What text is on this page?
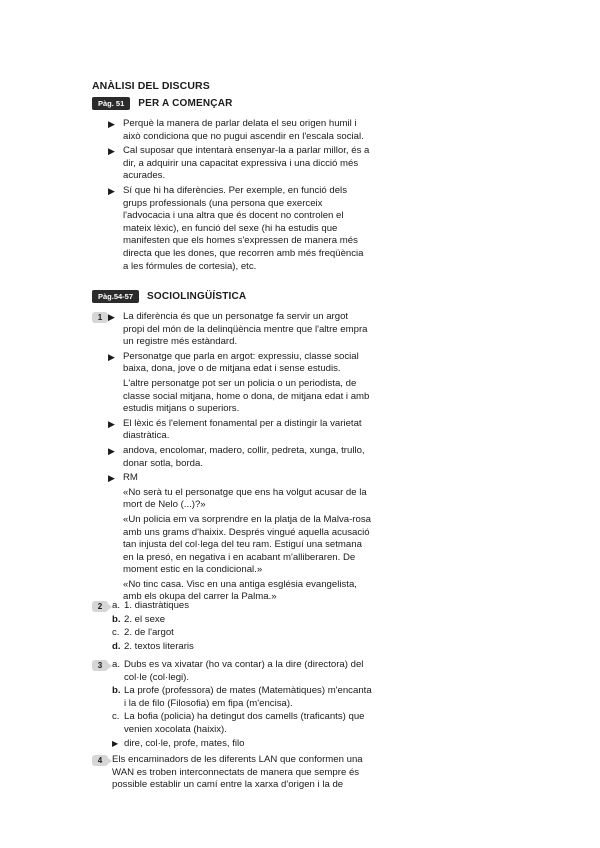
ANÀLISI DEL DISCURS
Pàg. 51	PER A COMENÇAR
▶ Perquè la manera de parlar delata el seu origen humil i això condiciona que no pugui ascendir en l'escala social.
▶ Cal suposar que intentarà ensenyar-la a parlar millor, és a dir, a adquirir una capacitat expressiva i una dicció més acurades.
▶ Sí que hi ha diferències. Per exemple, en funció dels grups professionals (una persona que exerceix l'advocacia i una altra que és docent no controlen el mateix lèxic), en funció del sexe (hi ha estudis que manifesten que els homes s'expressen de manera més directa que les dones, que recorren amb més freqüència a les fórmules de cortesia), etc.
Pàg.54-57	SOCIOLINGÜÍSTICA
1 ▶ La diferència és que un personatge fa servir un argot propi del món de la delinqüència mentre que l'altre empra un registre més estàndard.
▶ Personatge que parla en argot: expressiu, classe social baixa, dona, jove o de mitjana edat i sense estudis.
L'altre personatge pot ser un policia o un periodista, de classe social mitjana, home o dona, de mitjana edat i amb estudis mitjans o superiors.
▶ El lèxic és l'element fonamental per a distingir la varietat diastràtica.
▶ andova, encolomar, madero, collir, pedreta, xunga, trullo, donar sotla, borda.
▶ RM
«No serà tu el personatge que ens ha volgut acusar de la mort de Nelo (...)?»
«Un policia em va sorprendre en la platja de la Malva-rosa amb uns grams d'haixix. Després vingué aquella acusació tan injusta del col·lega del teu ram. Estiguí una setmana en la presó, en negativa i en acabant m'alliberaren. De moment estic en la condicional.»
«No tinc casa. Visc en una antiga església evangelista, amb els okupa del carrer la Palma.»
2	a. 1. diastràtiques
b. 2. el sexe
c. 2. de l'argot
d. 2. textos literaris
3	a. Dubs es va xivatar (ho va contar) a la dire (directora) del col·le (col·legi).
b. La profe (professora) de mates (Matemàtiques) m'encanta i la de filo (Filosofia) em fipa (m'encisa).
c. La bofia (policia) ha detingut dos camells (traficants) que venien xocolata (haixix).
▶ dire, col·le, profe, mates, filo
4	Els encaminadors de les diferents LAN que conformen una WAN es troben interconnectats de manera que sempre és possible establir un camí entre la xarxa d'origen i la de
